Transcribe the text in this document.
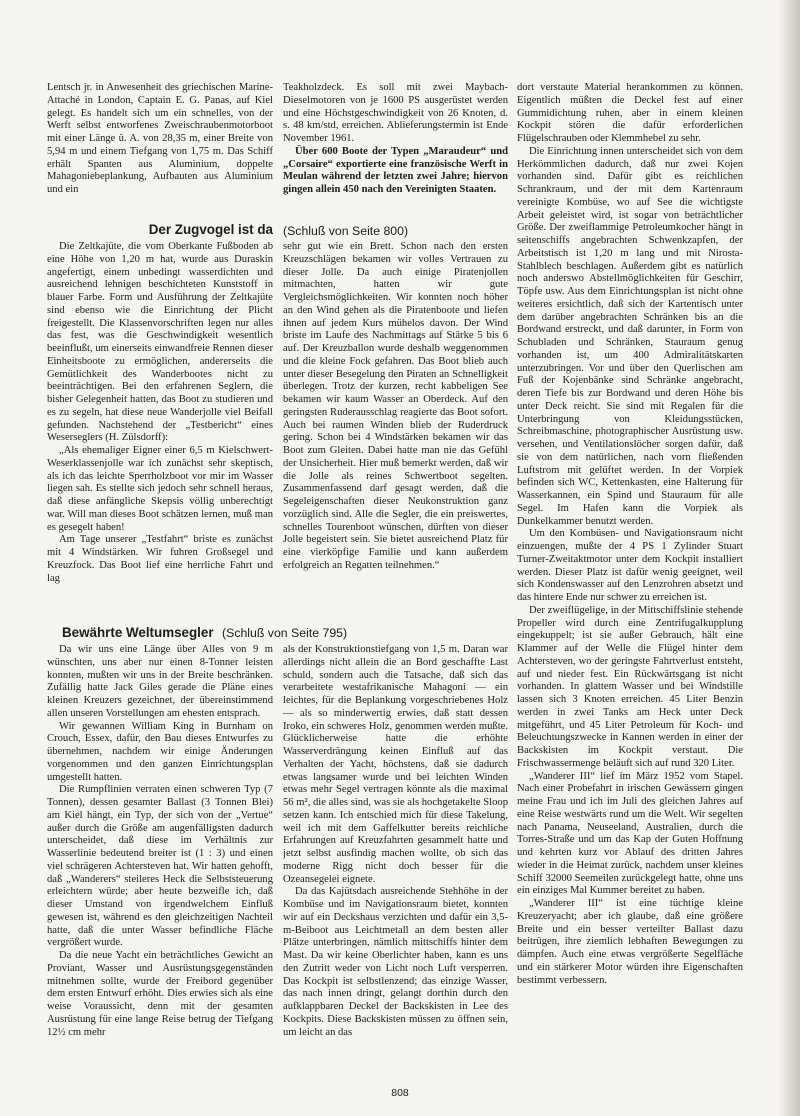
Lentsch jr. in Anwesenheit des griechischen Marine-Attaché in London, Captain E. G. Panas, auf Kiel gelegt. Es handelt sich um ein schnelles, von der Werft selbst entworfenes Zweischraubenmotorboot mit einer Länge ü. A. von 28,35 m, einer Breite von 5,94 m und einem Tiefgang von 1,75 m. Das Schiff erhält Spanten aus Aluminium, doppelte Mahagoniebeplankung, Aufbauten aus Aluminium und ein

Teakholzdeck. Es soll mit zwei Maybach-Dieselmotoren von je 1600 PS ausgerüstet werden und eine Höchstgeschwindigkeit von 26 Knoten, d. s. 48 km/std, erreichen. Ablieferungstermin ist Ende November 1961.

Über 600 Boote der Typen „Maraudeur“ und „Corsaire“ exportierte eine französische Werft in Meulan während der letzten zwei Jahre; hiervon gingen allein 450 nach den Vereinigten Staaten.

Der Zugvogel ist da (Schluß von Seite 800)

Die Zeltkajüte, die vom Oberkante Fußboden ab eine Höhe von 1,20 m hat, wurde aus Duraskin angefertigt, einem unbedingt wasserdichten und ausreichend lehnigen beschichteten Kunststoff in blauer Farbe. Form und Ausführung der Zeltkajüte sind ebenso wie die Einrichtung der Plicht freigestellt. Die Klassenvorschriften legen nur alles das fest, was die Geschwindigkeit wesentlich beeinflußt, um einerseits einwandfreie Rennen dieser Einheitsboote zu ermöglichen, andererseits die Gemütlichkeit des Wanderbootes nicht zu beeinträchtigen. Bei den erfahrenen Seglern, die bisher Gelegenheit hatten, das Boot zu studieren und es zu segeln, hat diese neue Wanderjolle viel Beifall gefunden. Nachstehend der „Testbericht“ eines Weserseglers (H. Zülsdorff):

„Als ehemaliger Eigner einer 6,5 m Kielschwert-Weserklassenjolle war ich zunächst sehr skeptisch, als ich das leichte Sperrholzboot vor mir im Wasser liegen sah. Es stellte sich jedoch sehr schnell heraus, daß diese anfängliche Skepsis völlig unberechtigt war. Will man dieses Boot schätzen lernen, muß man es gesegelt haben!

Am Tage unserer „Testfahrt“ briste es zunächst mit 4 Windstärken. Wir fuhren Großsegel und Kreuzfock. Das Boot lief eine herrliche Fahrt und lag

sehr gut wie ein Brett. Schon nach den ersten Kreuzschlägen bekamen wir volles Vertrauen zu dieser Jolle. Da auch einige Piratenjollen mitmachten, hatten wir gute Vergleichsmöglichkeiten. Wir konnten noch höher an den Wind gehen als die Piratenboote und liefen ihnen auf jedem Kurs mühelos davon. Der Wind briste im Laufe des Nachmittags auf Stärke 5 bis 6 auf. Der Kreuzballon wurde deshalb weggenommen und die kleine Fock gefahren. Das Boot blieb auch unter dieser Besegelung den Piraten an Schnelligkeit überlegen. Trotz der kurzen, recht kabbeligen See bekamen wir kaum Wasser an Oberdeck. Auf den geringsten Ruderausschlag reagierte das Boot sofort. Auch bei raumen Winden blieb der Ruderdruck gering. Schon bei 4 Windstärken bekamen wir das Boot zum Gleiten. Dabei hatte man nie das Gefühl der Unsicherheit. Hier muß bemerkt werden, daß wir die Jolle als reines Schwertboot segelten. Zusammenfassend darf gesagt werden, daß die Segeleigenschaften dieser Neukonstruktion ganz vorzüglich sind. Alle die Segler, die ein preiswertes, schnelles Tourenboot wünschen, dürften von dieser Jolle begeistert sein. Sie bietet ausreichend Platz für eine vierköpfige Familie und kann außerdem erfolgreich an Regatten teilnehmen.“

Bewährte Weltumsegler (Schluß von Seite 795)

Da wir uns eine Länge über Alles von 9 m wünschten, uns aber nur einen 8-Tonner leisten konnten, mußten wir uns in der Breite beschränken. Zufällig hatte Jack Giles gerade die Pläne eines kleinen Kreuzers gezeichnet, der übereinstimmend allen unseren Vorstellungen am ehesten entsprach.

Wir gewannen William King in Burnham on Crouch, Essex, dafür, den Bau dieses Entwurfes zu übernehmen, nachdem wir einige Änderungen vorgenommen und den ganzen Einrichtungsplan umgestellt hatten.

Die Rumpflinien verraten einen schweren Typ (7 Tonnen), dessen gesamter Ballast (3 Tonnen Blei) am Kiel hängt, ein Typ, der sich von der „Vertue“ außer durch die Größe am augenfälligsten dadurch unterscheidet, daß diese im Verhältnis zur Wasserlinie bedeutend breiter ist (1 : 3) und einen viel schrägeren Achtersteven hat. Wir hatten gehofft, daß „Wanderers“ steileres Heck die Selbststeuerung erleichtern würde; aber heute bezweifle ich, daß dieser Umstand von irgendwelchem Einfluß gewesen ist, während es den gleichzeitigen Nachteil hatte, daß die unter Wasser befindliche Fläche vergrößert wurde.

Da die neue Yacht ein beträchtliches Gewicht an Proviant, Wasser und Ausrüstungsgegenständen mitnehmen sollte, wurde der Freibord gegenüber dem ersten Entwurf erhöht. Dies erwies sich als eine weise Voraussicht, denn mit der gesamten Ausrüstung für eine lange Reise betrug der Tiefgang 12½ cm mehr

als der Konstruktionstiefgang von 1,5 m. Daran war allerdings nicht allein die an Bord geschaffte Last schuld, sondern auch die Tatsache, daß sich das verarbeitete westafrikanische Mahagoni — ein leichtes, für die Beplankung vorgeschriebenes Holz — als so minderwertig erwies, daß statt dessen Iroko, ein schweres Holz, genommen werden mußte. Glücklicherweise hatte die erhöhte Wasserverdrängung keinen Einfluß auf das Verhalten der Yacht, höchstens, daß sie dadurch etwas langsamer wurde und bei leichten Winden etwas mehr Segel vertragen könnte als die maximal 56 m², die alles sind, was sie als hochgetakelte Sloop setzen kann. Ich entschied mich für diese Takelung, weil ich mit dem Gaffelkutter bereits reichliche Erfahrungen auf Kreuzfahrten gesammelt hatte und jetzt selbst ausfindig machen wollte, ob sich das moderne Rigg nicht doch besser für die Ozeansegelei eignete.

Da das Kajütsdach ausreichende Stehhöhe in der Kombüse und im Navigationsraum bietet, konnten wir auf ein Deckshaus verzichten und dafür ein 3,5-m-Beiboot aus Leichtmetall an dem besten aller Plätze unterbringen, nämlich mittschiffs hinter dem Mast. Da wir keine Oberlichter haben, kann es uns den Zutritt weder von Licht noch Luft versperren. Das Kockpit ist selbstlenzend; das einzige Wasser, das nach innen dringt, gelangt dorthin durch den aufklappbaren Deckel der Backskisten in Lee des Kockpits. Diese Backskisten müssen zu öffnen sein, um leicht an das

dort verstaute Material herankommen zu können. Eigentlich müßten die Deckel fest auf einer Gummidichtung ruhen, aber in einem kleinen Kockpit stören die dafür erforderlichen Flügelschrauben oder Klemmhebel zu sehr.

Die Einrichtung innen unterscheidet sich von dem Herkömmlichen dadurch, daß nur zwei Kojen vorhanden sind. Dafür gibt es reichlichen Schrankraum, und der mit dem Kartenraum vereinigte Kombüse, wo auf See die wichtigste Arbeit geleistet wird, ist sogar von beträchtlicher Größe. Der zweiflammige Petroleumkocher hängt in seitenschiffs angebrachten Schwenkzapfen, der Arbeitstisch ist 1,20 m lang und mit Nirosta-Stahlblech beschlagen. Außerdem gibt es natürlich noch anderswo Abstellmöglichkeiten für Geschirr, Töpfe usw. Aus dem Einrichtungsplan ist nicht ohne weiteres ersichtlich, daß sich der Kartentisch unter dem darüber angebrachten Schränken bis an die Bordwand erstreckt, und daß darunter, in Form von Schubladen und Schränken, Stauraum genug vorhanden ist, um 400 Admiralitätskarten unterzubringen. Vor und über den Querlischen am Fuß der Kojenbänke sind Schränke angebracht, deren Tiefe bis zur Bordwand und deren Höhe bis unter Deck reicht. Sie sind mit Regalen für die Unterbringung von Kleidungsstücken, Schreibmaschine, photographischer Ausrüstung usw. versehen, und Ventilationslöcher sorgen dafür, daß sie von dem natürlichen, nach vorn fließenden Luftstrom mit gelüftet werden. In der Vorpiek befinden sich WC, Kettenkasten, eine Halterung für Wasserkannen, ein Spind und Stauraum für alle Segel. Im Hafen kann die Vorpiek als Dunkelkammer benutzt werden.

Um den Kombüsen- und Navigationsraum nicht einzuengen, mußte der 4 PS 1 Zylinder Stuart Turner-Zweitaktmotor unter dem Kockpit installiert werden. Dieser Platz ist dafür wenig geeignet, weil sich Kondenswasser auf den Lenzrohren absetzt und das hintere Ende nur schwer zu erreichen ist.

Der zweiflügelige, in der Mittschiffslinie stehende Propeller wird durch eine Zentrifugalkupplung eingekuppelt; ist sie außer Gebrauch, hält eine Klammer auf der Welle die Flügel hinter dem Achtersteven, wo der geringste Fahrtverlust entsteht, auf und nieder fest. Ein Rückwärtsgang ist nicht vorhanden. In glattem Wasser und bei Windstille lassen sich 3 Knoten erreichen. 45 Liter Benzin werden in zwei Tanks am Heck unter Deck mitgeführt, und 45 Liter Petroleum für Koch- und Beleuchtungszwecke in Kannen werden in einer der Backskisten im Kockpit verstaut. Die Frischwassermenge beläuft sich auf rund 320 Liter.

„Wanderer III“ lief im März 1952 vom Stapel. Nach einer Probefahrt in irischen Gewässern gingen meine Frau und ich im Juli des gleichen Jahres auf eine Reise westwärts rund um die Welt. Wir segelten nach Panama, Neuseeland, Australien, durch die Torres-Straße und um das Kap der Guten Hoffnung und kehrten kurz vor Ablauf des dritten Jahres wieder in die Heimat zurück, nachdem unser kleines Schiff 32000 Seemeilen zurückgelegt hatte, ohne uns ein einziges Mal Kummer bereitet zu haben.

„Wanderer III“ ist eine tüchtige kleine Kreuzeryacht; aber ich glaube, daß eine größere Breite und ein besser verteilter Ballast dazu beitrügen, ihre ziemlich lebhaften Bewegungen zu dämpfen. Auch eine etwas vergrößerte Segelfläche und ein stärkerer Motor würden ihre Eigenschaften bestimmt verbessern.

808
